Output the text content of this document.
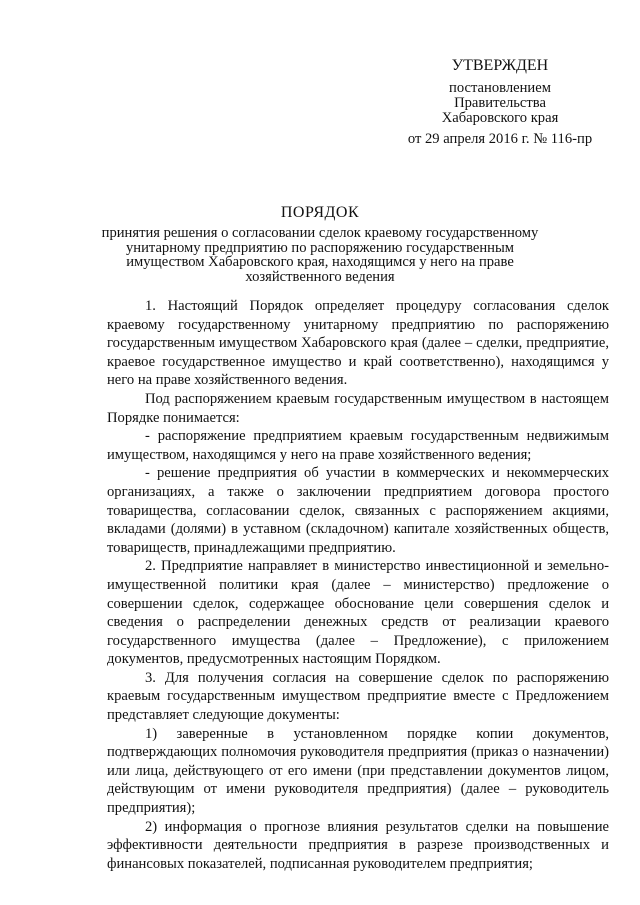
УТВЕРЖДЕН
постановлением
Правительства
Хабаровского края
от 29 апреля 2016 г. № 116-пр
ПОРЯДОК
принятия решения о согласовании сделок краевому государственному унитарному предприятию по распоряжению государственным имуществом Хабаровского края, находящимся у него на праве хозяйственного ведения

1. Настоящий Порядок определяет процедуру согласования сделок краевому государственному унитарному предприятию по распоряжению государственным имуществом Хабаровского края (далее – сделки, предприятие, краевое государственное имущество и край соответственно), находящимся у него на праве хозяйственного ведения.

Под распоряжением краевым государственным имуществом в настоящем Порядке понимается:

- распоряжение предприятием краевым государственным недвижимым имуществом, находящимся у него на праве хозяйственного ведения;

- решение предприятия об участии в коммерческих и некоммерческих организациях, а также о заключении предприятием договора простого товарищества, согласовании сделок, связанных с распоряжением акциями, вкладами (долями) в уставном (складочном) капитале хозяйственных обществ, товариществ, принадлежащими предприятию.

2. Предприятие направляет в министерство инвестиционной и земельно-имущественной политики края (далее – министерство) предложение о совершении сделок, содержащее обоснование цели совершения сделок и сведения о распределении денежных средств от реализации краевого государственного имущества (далее – Предложение), с приложением документов, предусмотренных настоящим Порядком.

3. Для получения согласия на совершение сделок по распоряжению краевым государственным имуществом предприятие вместе с Предложением представляет следующие документы:

1) заверенные в установленном порядке копии документов, подтверждающих полномочия руководителя предприятия (приказ о назначении) или лица, действующего от его имени (при представлении документов лицом, действующим от имени руководителя предприятия) (далее – руководитель предприятия);

2) информация о прогнозе влияния результатов сделки на повышение эффективности деятельности предприятия в разрезе производственных и финансовых показателей, подписанная руководителем предприятия;
